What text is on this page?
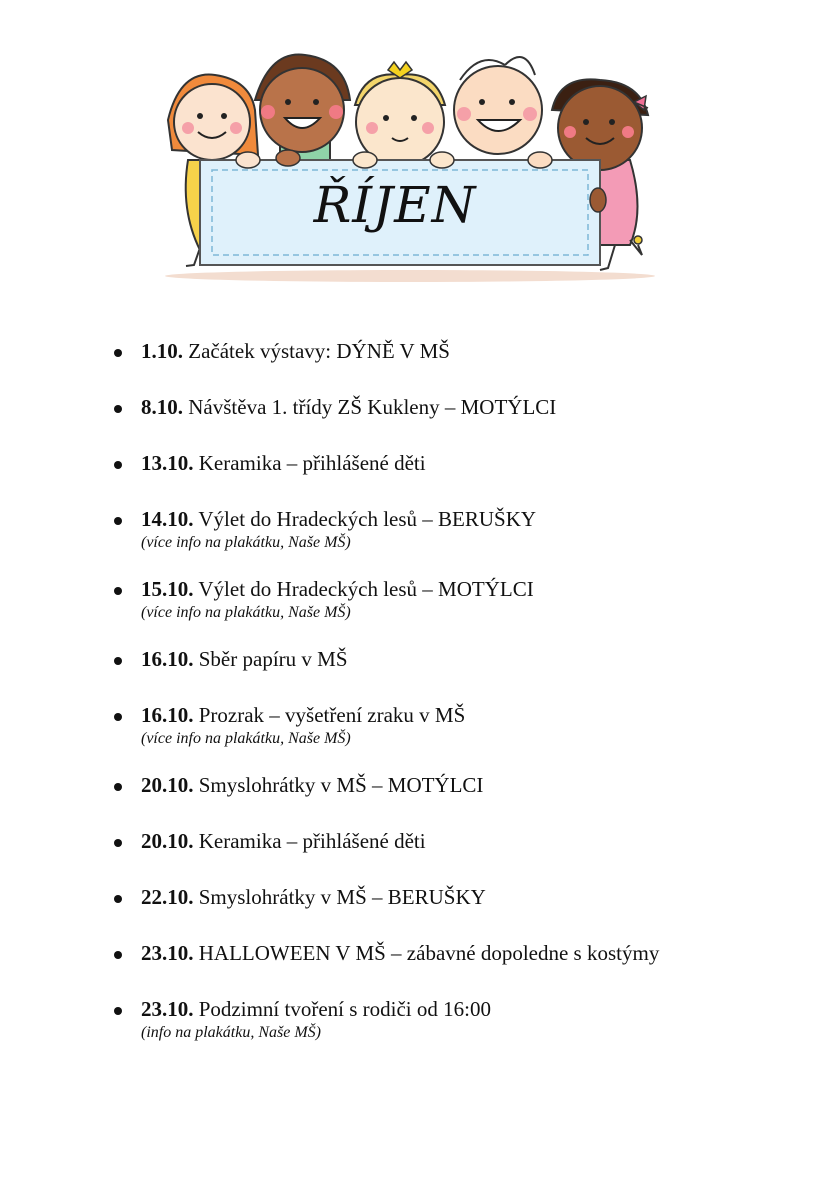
ŘÍJEN
1.10. Začátek výstavy: DÝNĚ V MŠ
8.10. Návštěva 1. třídy ZŠ Kukleny – MOTÝLCI
13.10. Keramika – přihlášené děti
14.10. Výlet do Hradeckých lesů – BERUŠKY
(více info na plakátku, Naše MŠ)
15.10. Výlet do Hradeckých lesů – MOTÝLCI
(více info na plakátku, Naše MŠ)
16.10. Sběr papíru v MŠ
16.10. Prozrak – vyšetření zraku v MŠ
(více info na plakátku, Naše MŠ)
20.10. Smyslohrátky v MŠ – MOTÝLCI
20.10. Keramika – přihlášené děti
22.10. Smyslohrátky v MŠ – BERUŠKY
23.10. HALLOWEEN V MŠ – zábavné dopoledne s kostýmy
23.10. Podzimní tvoření s rodiči od 16:00
(info na plakátku, Naše MŠ)
